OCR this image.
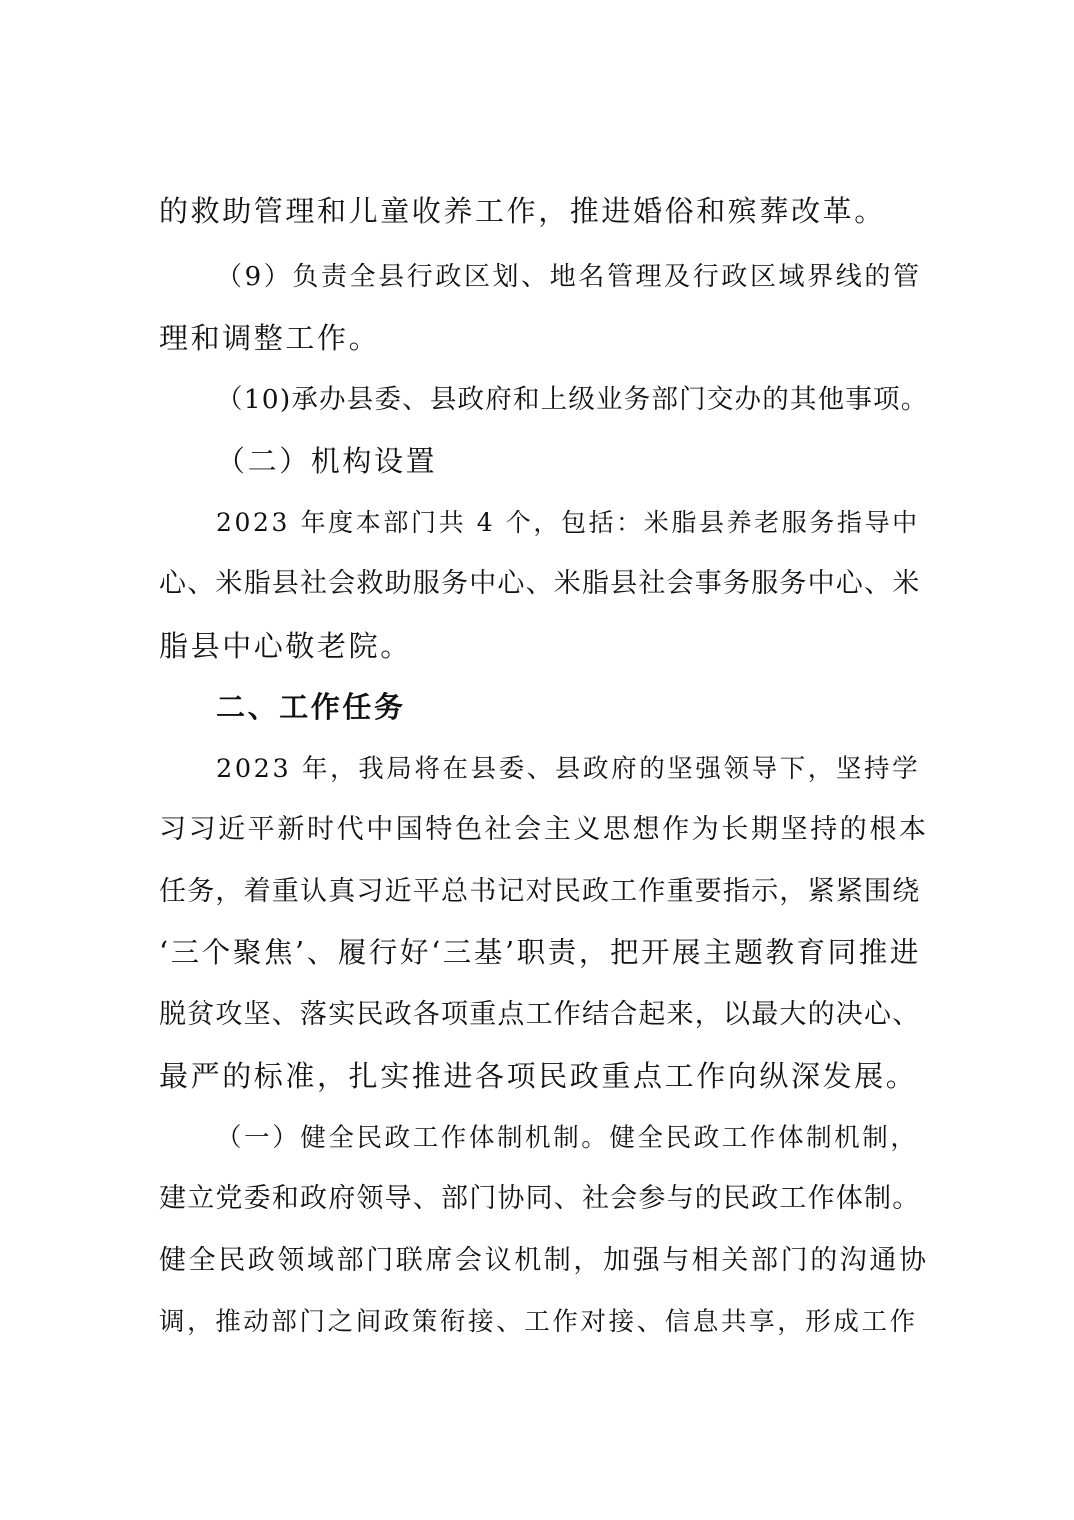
的救助管理和儿童收养工作，推进婚俗和殡葬改革。
（9）负责全县行政区划、地名管理及行政区域界线的管
理和调整工作。
（10)承办县委、县政府和上级业务部门交办的其他事项。
（二）机构设置
2023 年度本部门共 4 个，包括：米脂县养老服务指导中
心、米脂县社会救助服务中心、米脂县社会事务服务中心、米
脂县中心敬老院。
二、工作任务
2023 年，我局将在县委、县政府的坚强领导下，坚持学
习习近平新时代中国特色社会主义思想作为长期坚持的根本
任务，着重认真习近平总书记对民政工作重要指示，紧紧围绕
‘三个聚焦’、履行好‘三基’职责，把开展主题教育同推进
脱贫攻坚、落实民政各项重点工作结合起来，以最大的决心、
最严的标准，扎实推进各项民政重点工作向纵深发展。
（一）健全民政工作体制机制。健全民政工作体制机制，
建立党委和政府领导、部门协同、社会参与的民政工作体制。
健全民政领域部门联席会议机制，加强与相关部门的沟通协
调，推动部门之间政策衔接、工作对接、信息共享，形成工作
